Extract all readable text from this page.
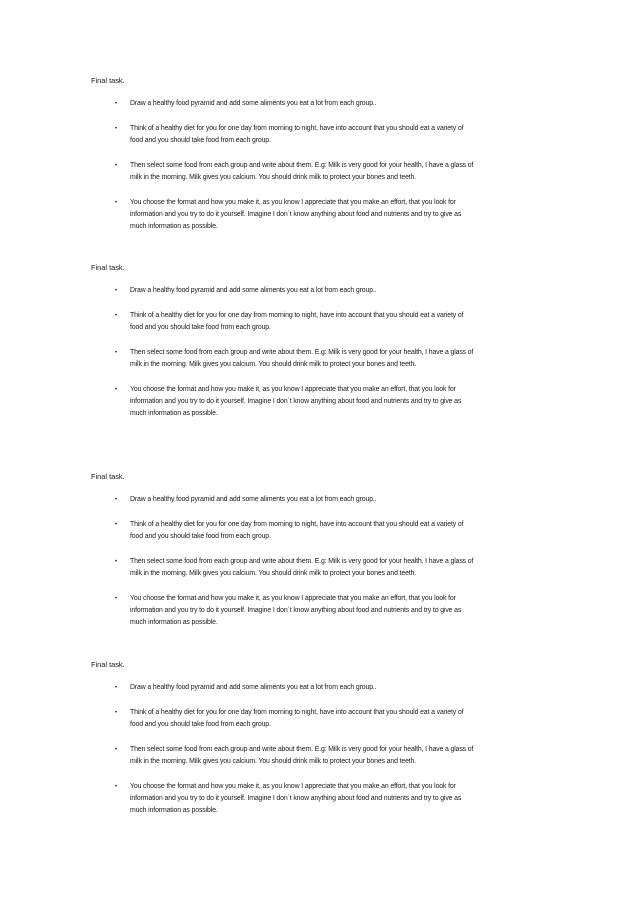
Final task.

• Draw a healthy food pyramid and add some aliments you eat a lot from each group..
• Think of a healthy diet for you for one day from morning to night, have into account that you should eat a variety of
food and you should take food from each group.
• Then select some food from each group and write about them. E.g: Milk is very good for your health, I have a glass of
milk in the morning. Milk gives you calcium. You should drink milk to protect your bones and teeth.
• You choose the format and how you make it, as you know I appreciate that you make an effort, that you look for
information and you try to do it yourself. Imagine I don´t know anything about food and nutrients and try to give as
much information as possible.

Final task.

• Draw a healthy food pyramid and add some aliments you eat a lot from each group..
• Think of a healthy diet for you for one day from morning to night, have into account that you should eat a variety of
food and you should take food from each group.
• Then select some food from each group and write about them. E.g: Milk is very good for your health, I have a glass of
milk in the morning. Milk gives you calcium. You should drink milk to protect your bones and teeth.
• You choose the format and how you make it, as you know I appreciate that you make an effort, that you look for
information and you try to do it yourself. Imagine I don´t know anything about food and nutrients and try to give as
much information as possible.

Final task.

• Draw a healthy food pyramid and add some aliments you eat a lot from each group..
• Think of a healthy diet for you for one day from morning to night, have into account that you should eat a variety of
food and you should take food from each group.
• Then select some food from each group and write about them. E.g: Milk is very good for your health, I have a glass of
milk in the morning. Milk gives you calcium. You should drink milk to protect your bones and teeth.
• You choose the format and how you make it, as you know I appreciate that you make an effort, that you look for
information and you try to do it yourself. Imagine I don´t know anything about food and nutrients and try to give as
much information as possible.

Final task.

• Draw a healthy food pyramid and add some aliments you eat a lot from each group..
• Think of a healthy diet for you for one day from morning to night, have into account that you should eat a variety of
food and you should take food from each group.
• Then select some food from each group and write about them. E.g: Milk is very good for your health, I have a glass of
milk in the morning. Milk gives you calcium. You should drink milk to protect your bones and teeth.
• You choose the format and how you make it, as you know I appreciate that you make an effort, that you look for
information and you try to do it yourself. Imagine I don´t know anything about food and nutrients and try to give as
much information as possible.
